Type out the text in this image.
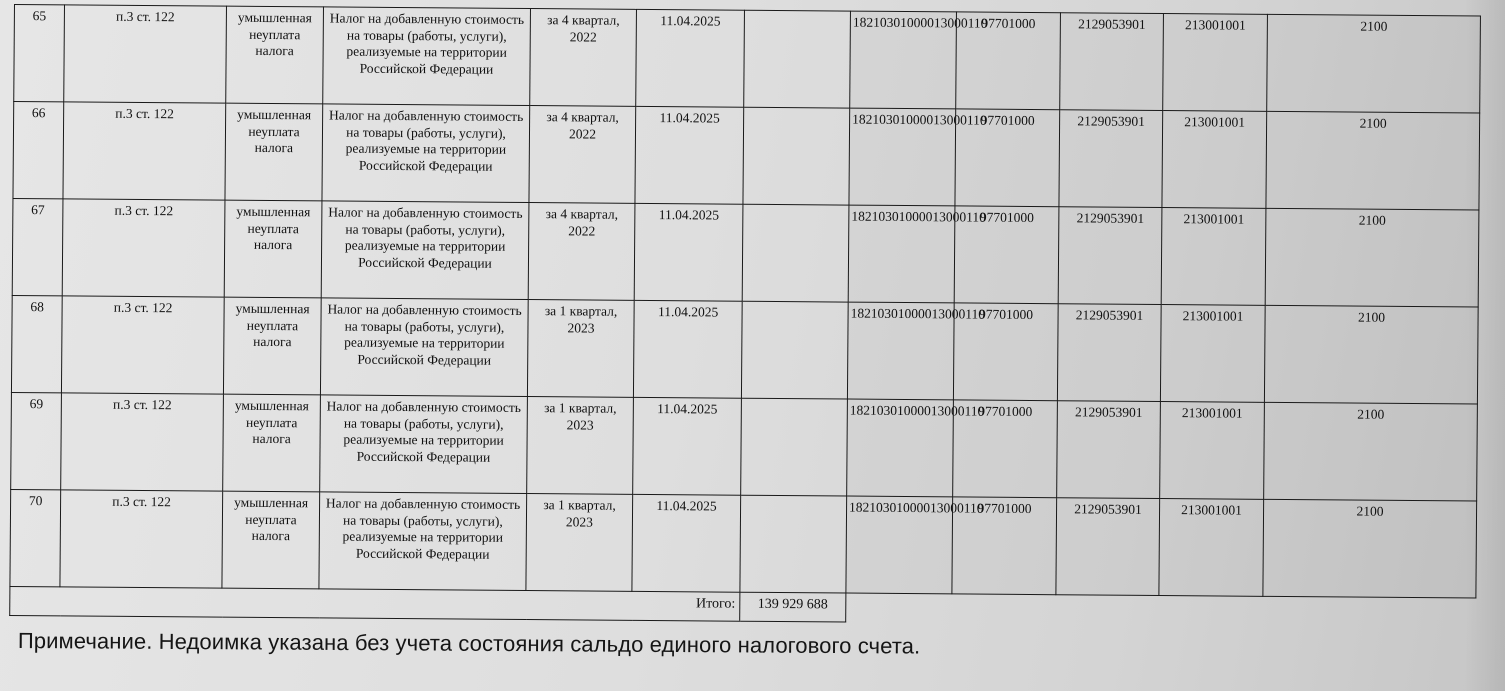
65	п.3 ст. 122	умышленная неуплата налога	Налог на добавленную стоимость на товары (работы, услуги), реализуемые на территории Российской Федерации	за 4 квартал, 2022	11.04.2025		18210301000013000110	97701000	2129053901	213001001	2100
66	п.3 ст. 122	умышленная неуплата налога	Налог на добавленную стоимость на товары (работы, услуги), реализуемые на территории Российской Федерации	за 4 квартал, 2022	11.04.2025		18210301000013000110	97701000	2129053901	213001001	2100
67	п.3 ст. 122	умышленная неуплата налога	Налог на добавленную стоимость на товары (работы, услуги), реализуемые на территории Российской Федерации	за 4 квартал, 2022	11.04.2025		18210301000013000110	97701000	2129053901	213001001	2100
68	п.3 ст. 122	умышленная неуплата налога	Налог на добавленную стоимость на товары (работы, услуги), реализуемые на территории Российской Федерации	за 1 квартал, 2023	11.04.2025		18210301000013000110	97701000	2129053901	213001001	2100
69	п.3 ст. 122	умышленная неуплата налога	Налог на добавленную стоимость на товары (работы, услуги), реализуемые на территории Российской Федерации	за 1 квартал, 2023	11.04.2025		18210301000013000110	97701000	2129053901	213001001	2100
70	п.3 ст. 122	умышленная неуплата налога	Налог на добавленную стоимость на товары (работы, услуги), реализуемые на территории Российской Федерации	за 1 квартал, 2023	11.04.2025		18210301000013000110	97701000	2129053901	213001001	2100
Итого:						139 929 688					
Примечание. Недоимка указана без учета состояния сальдо единого налогового счета.
